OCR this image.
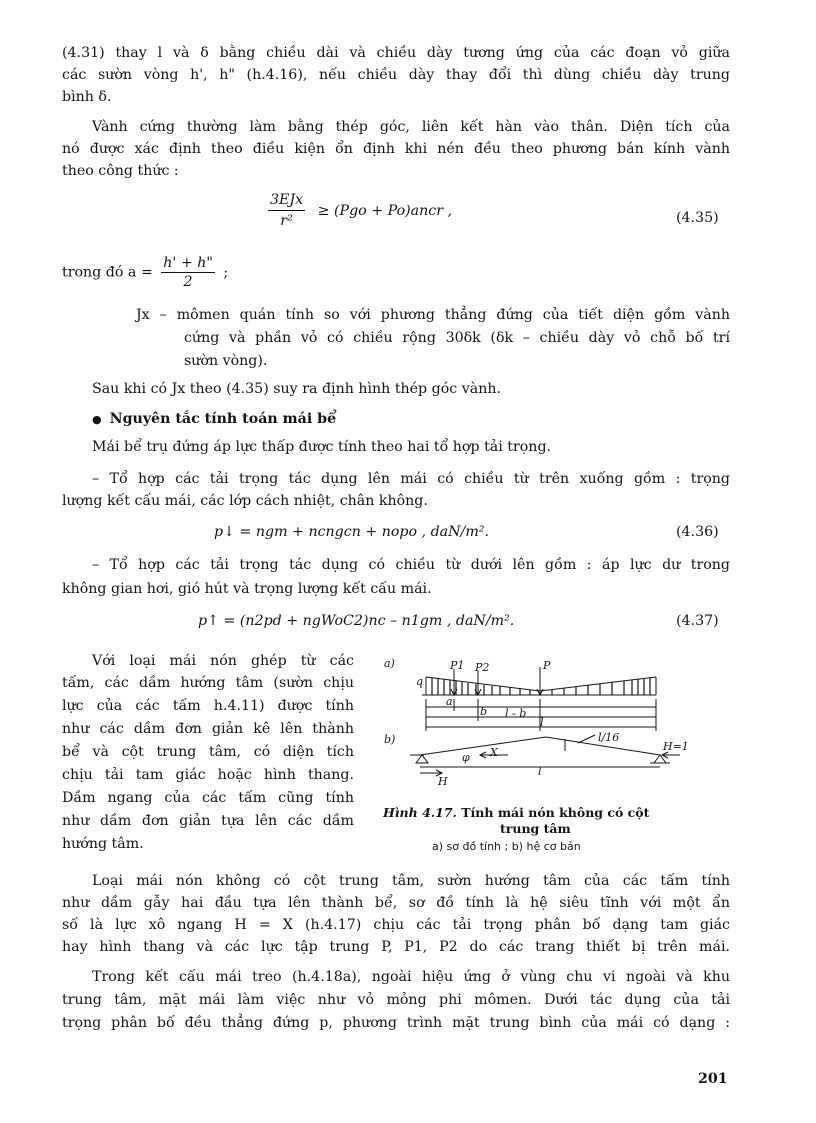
(4.31) thay l và δ bằng chiều dài và chiều dày tương ứng của các đoạn vỏ giữa
các sườn vòng h', h" (h.4.16), nếu chiều dày thay đổi thì dùng chiều dày trung
bình δ.
Vành cứng thường làm bằng thép góc, liên kết hàn vào thân. Diện tích của
nó được xác định theo điều kiện ổn định khi nén đều theo phương bán kính vành
theo công thức :
$\frac{\text{3EJx}}{\text{r²}} \ge (Pgo$ + Po)ancr ,	(4.35)
trong đó $a = \frac{h' + h"}{2}$ ;
Jx – mômen quán tính so với phương thẳng đứng của tiết diện gồm vành
cứng và phần vỏ có chiều rộng 30δk (δk – chiều dày vỏ chỗ bố trí
sườn vòng).
Sau khi có Jx theo (4.35) suy ra định hình thép góc vành.
● Nguyên tắc tính toán mái bể
Mái bể trụ đứng áp lực thấp được tính theo hai tổ hợp tải trọng.
– Tổ hợp các tải trọng tác dụng lên mái có chiều từ trên xuống gồm : trọng
lượng kết cấu mái, các lớp cách nhiệt, chân không.
p↓ = ngm + ncngcn + nopo , daN/m².	(4.36)
– Tổ hợp các tải trọng tác dụng có chiều từ dưới lên gồm : áp lực dư trong
không gian hơi, gió hút và trọng lượng kết cấu mái.
p↑ = (n2pd + ngWoC2)nc – n1gm , daN/m².	(4.37)
Với loại mái nón ghép từ các
tấm, các dầm hướng tâm (sườn chịu
lực của các tấm h.4.11) được tính
như các dầm đơn giản kê lên thành
bể và cột trung tâm, có diện tích
chịu tải tam giác hoặc hình thang.
Dầm ngang của các tấm cũng tính
như dầm đơn giản tựa lên các dầm
hướng tâm.
a)
b)
q
P1 P2	P
a
b l - b
l
l/16
H=1
X
φ
l
H
Hình 4.17. Tính mái nón không có cột
trung tâm
a) sơ đồ tính ; b) hệ cơ bản
Loại mái nón không có cột trung tâm, sườn hướng tâm của các tấm tính
như dầm gẫy hai đầu tựa lên thành bể, sơ đồ tính là hệ siêu tĩnh với một ẩn
số là lực xô ngang H = X (h.4.17) chịu các tải trọng phân bố dạng tam giác
hay hình thang và các lực tập trung P, P1, P2 do các trang thiết bị trên mái.
Trong kết cấu mái treo (h.4.18a), ngoài hiệu ứng ở vùng chu vi ngoài và khu
trung tâm, mặt mái làm việc như vỏ mỏng phi mômen. Dưới tác dụng của tải
trọng phân bố đều thẳng đứng p, phương trình mặt trung bình của mái có dạng :
201
